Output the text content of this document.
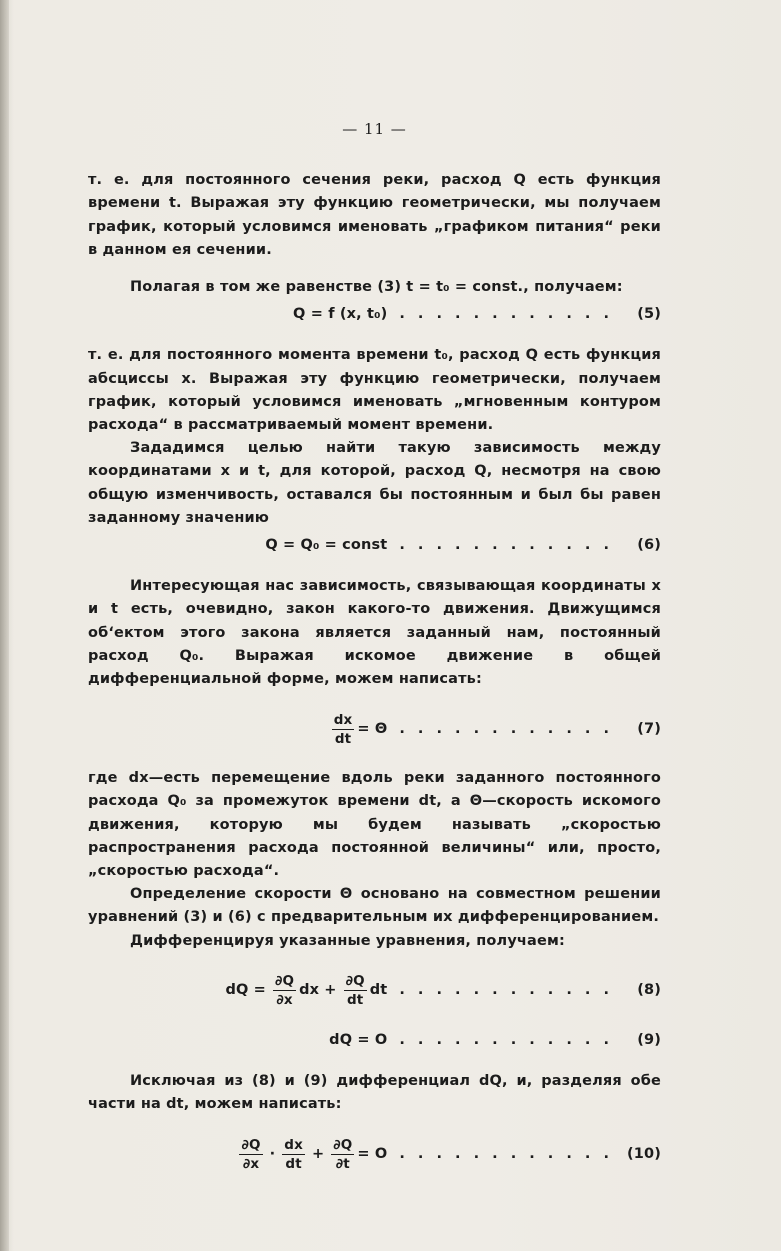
— 11 —

т. е. для постоянного сечения реки, расход Q есть функция времени t. Выражая эту функцию геометрически, мы получаем график, который условимся именовать „графиком питания“ реки в данном ея сечении.

Полагая в том же равенстве (3) t = t₀ = const., получаем:

Q = f (x, t₀) . . . . . . . . . . . .	(5)

т. е. для постоянного момента времени t₀, расход Q есть функция абсциссы x. Выражая эту функцию геометрически, получаем график, который условимся именовать „мгновенным контуром расхода“ в рассматриваемый момент времени.

Зададимся целью найти такую зависимость между координатами x и t, для которой, расход Q, несмотря на свою общую изменчивость, оставался бы постоянным и был бы равен заданному значению

Q = Q₀ = const . . . . . . . . . . . .	(6)

Интересующая нас зависимость, связывающая координаты x и t есть, очевидно, закон какого-то движения. Движущимся об‘ектом этого закона является заданный нам, постоянный расход Q₀. Выражая искомое движение в общей дифференциальной форме, можем написать:

$\frac{dx}{dt} = \Theta$ . . . . . . . . . . . .	(7)

где dx—есть перемещение вдоль реки заданного постоянного расхода Q₀ за промежуток времени dt, а Θ—скорость искомого движения, которую мы будем называть „скоростью распространения расхода постоянной величины“ или, просто, „скоростью расхода“.

Определение скорости Θ основано на совместном решении уравнений (3) и (6) с предварительным их дифференцированием.

Дифференцируя указанные уравнения, получаем:

dQ = $\frac{\partial Q}{\partial x}$ dx + $\frac{\partial Q}{dt}$ dt . . . . . . . . . . . .	(8)
dQ = O . . . . . . . . . . . .	(9)

Исключая из (8) и (9) дифференциал dQ, и, разделяя обе части на dt, можем написать:

$\frac{\partial Q}{\partial x} \cdot \frac{dx}{dt} + \frac{\partial Q}{\partial t} = O$ . . . . . . . . . . . . (10)
